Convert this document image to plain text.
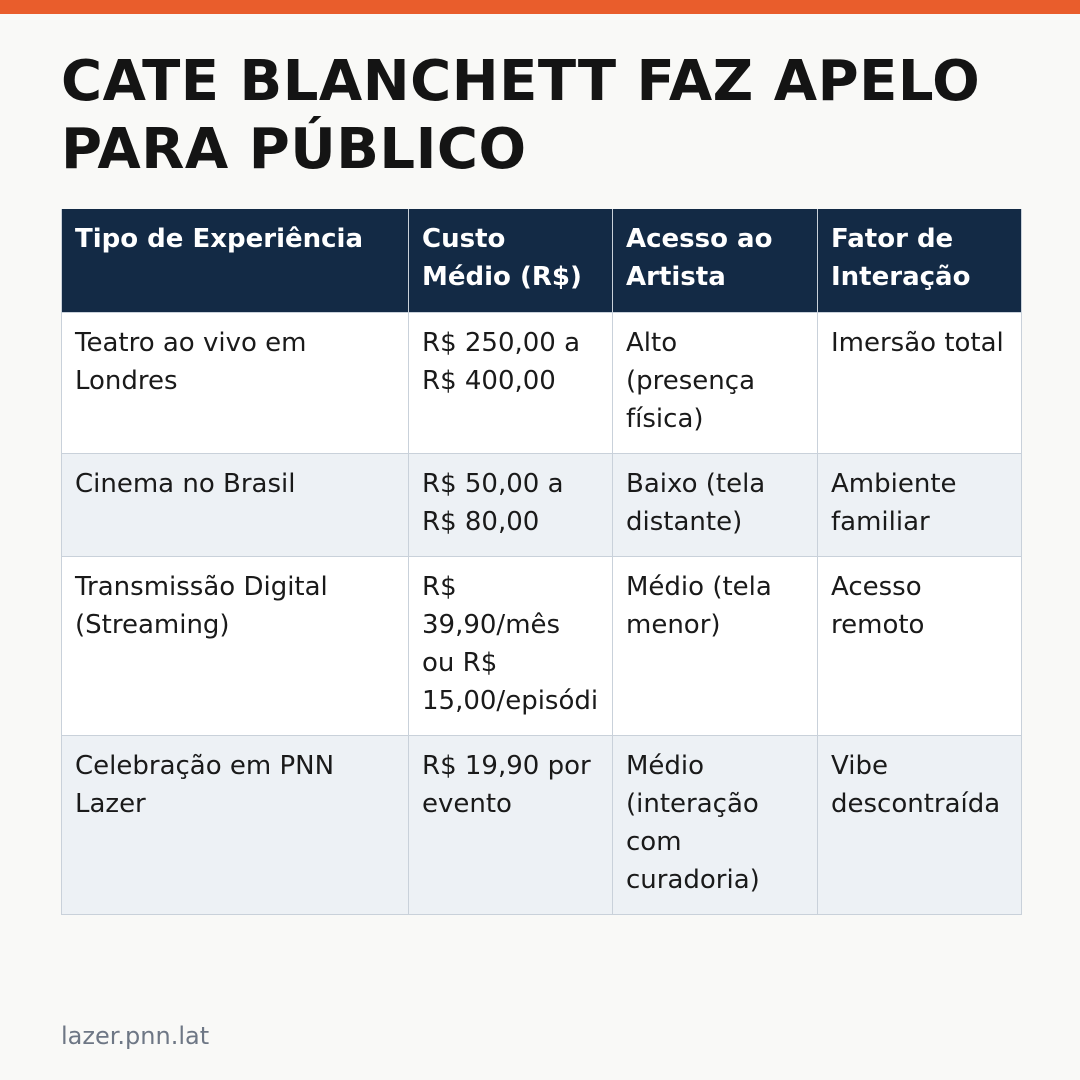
CATE BLANCHETT FAZ APELO PARA PÚBLICO
Tipo de Experiência	Custo Médio (R$)	Acesso ao Artista	Fator de Interação
Teatro ao vivo em Londres	R$ 250,00 a R$ 400,00	Alto (presença física)	Imersão total
Cinema no Brasil	R$ 50,00 a R$ 80,00	Baixo (tela distante)	Ambiente familiar
Transmissão Digital (Streaming)	R$ 39,90/mês ou R$ 15,00/episódi	Médio (tela menor)	Acesso remoto
Celebração em PNN Lazer	R$ 19,90 por evento	Médio (interação com curadoria)	Vibe descontraída
lazer.pnn.lat
